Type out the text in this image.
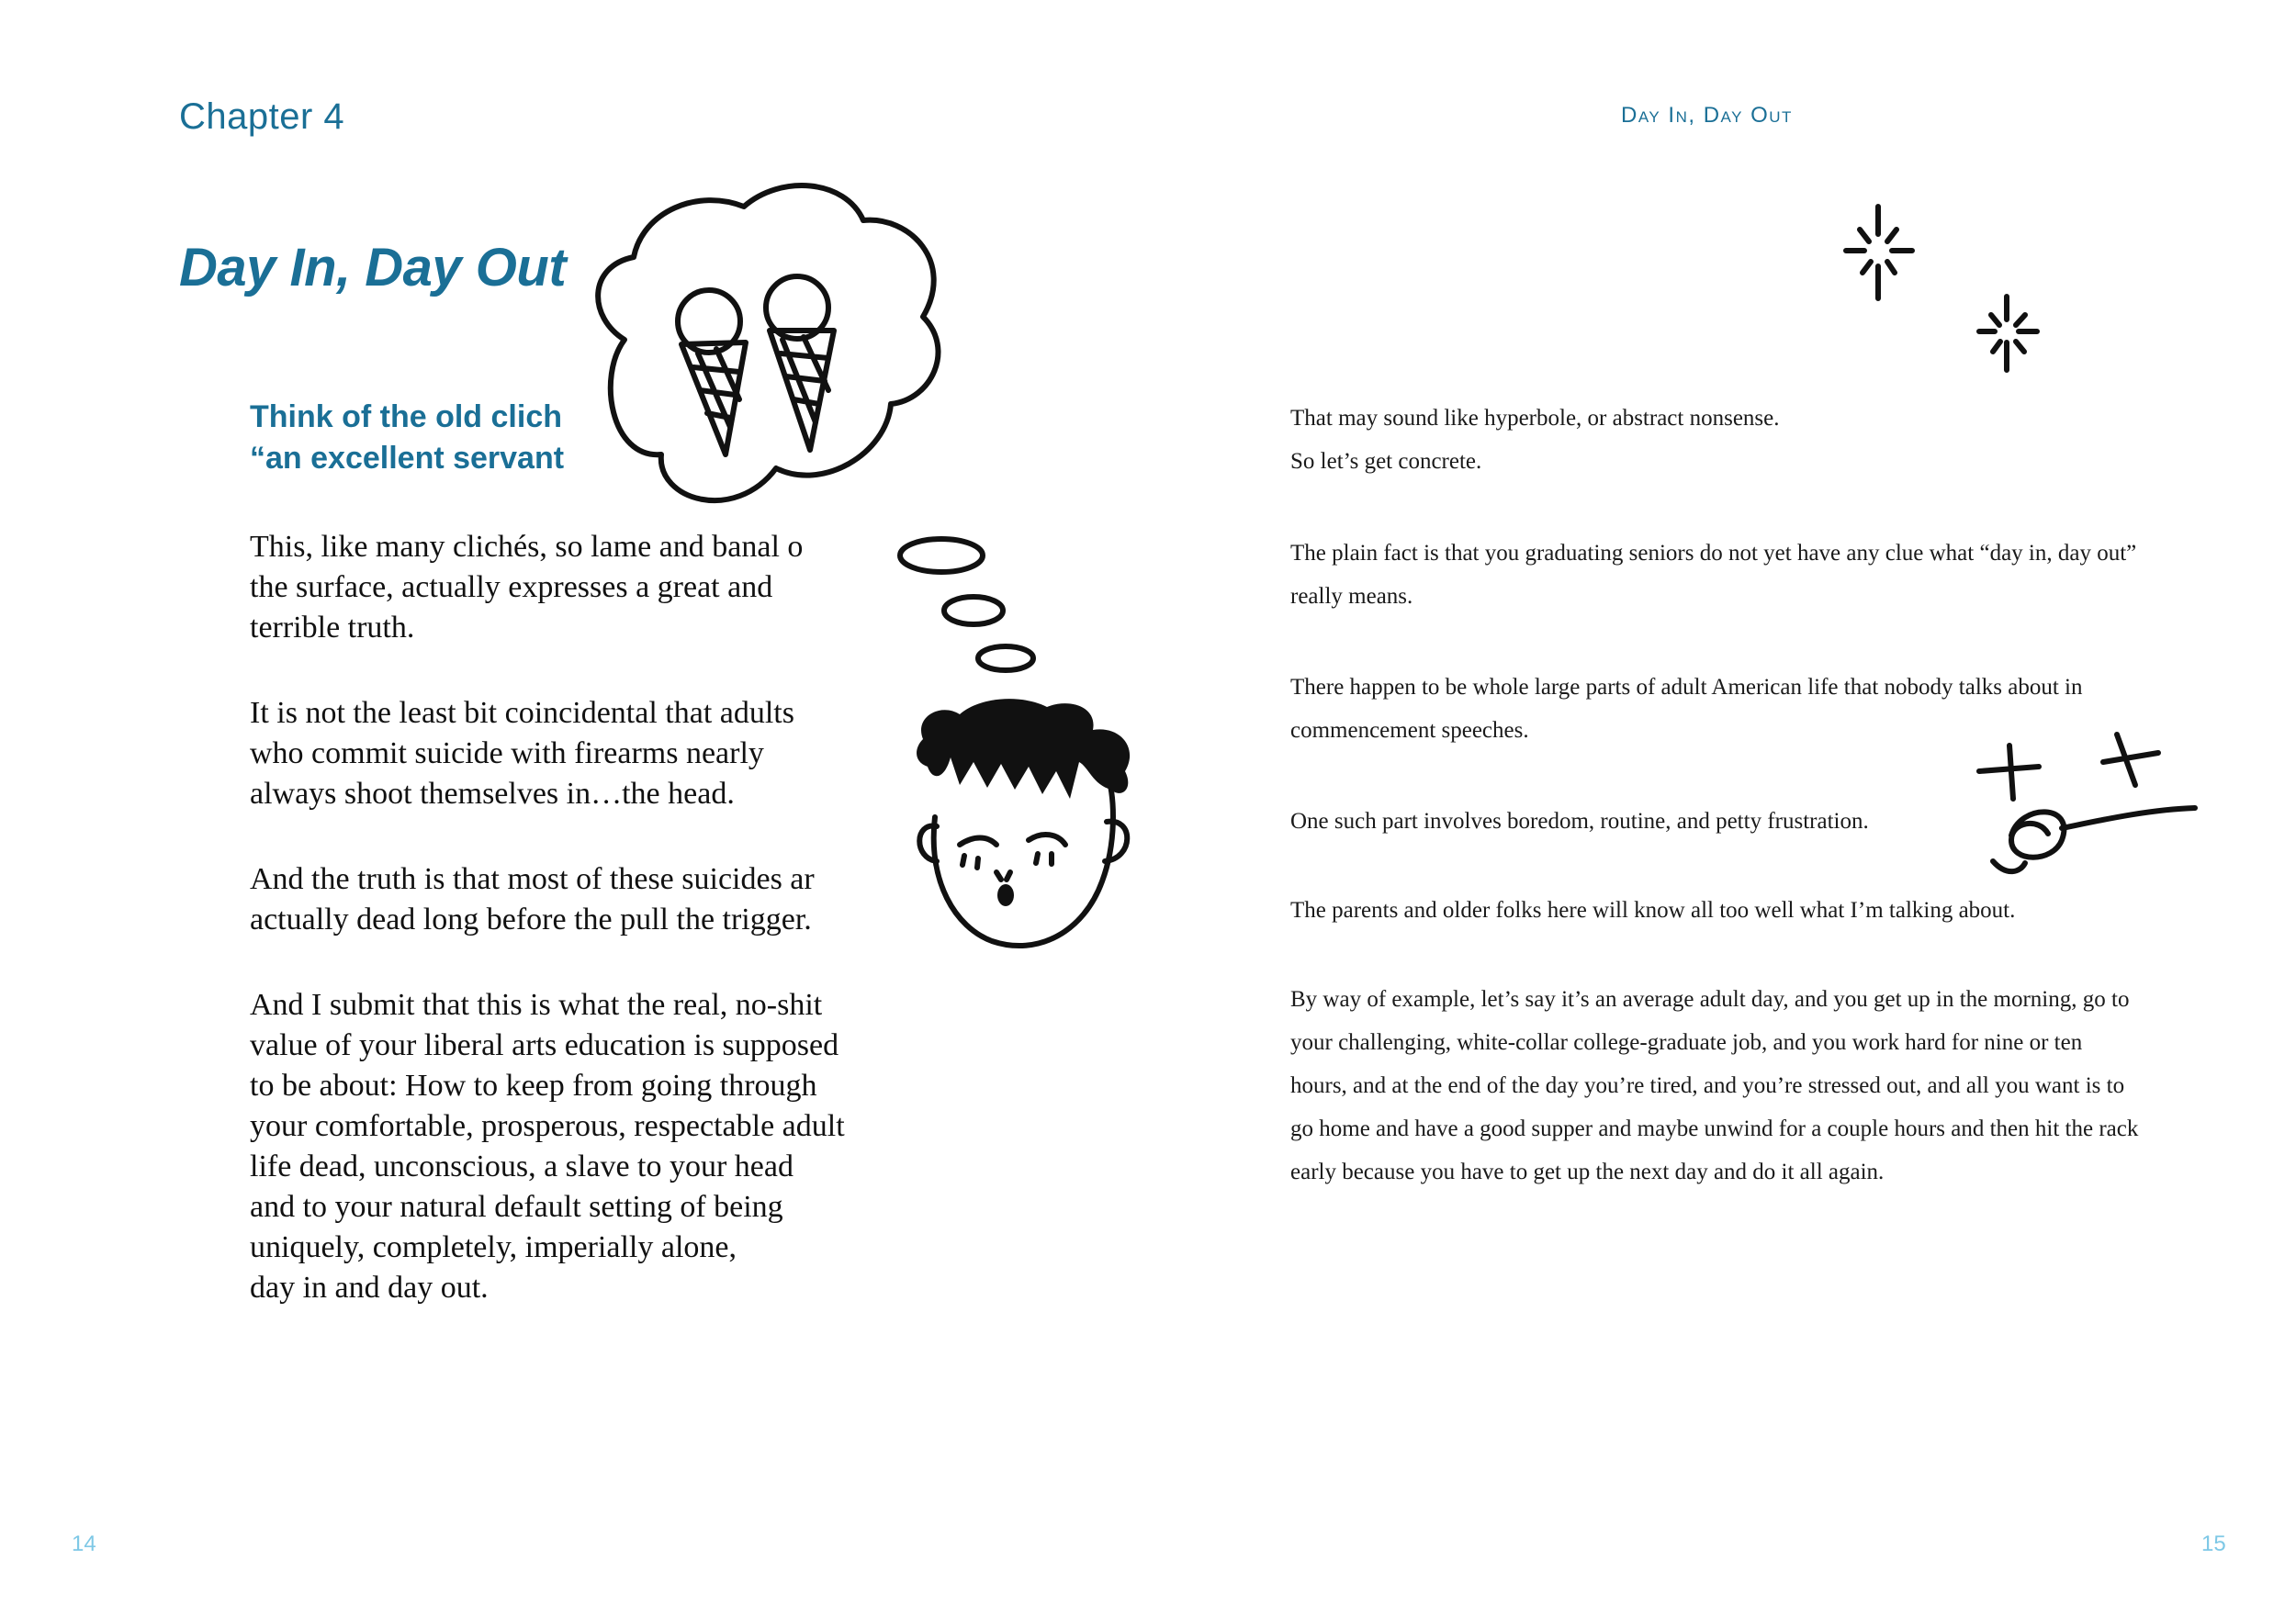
Chapter 4
Day In, Day Out
Think of the old clich
“an excellent servant
This, like many clichés, so lame and banal o
the surface, actually expresses a great and
terrible truth.
It is not the least bit coincidental that adults
who commit suicide with firearms nearly
always shoot themselves in…the head.
And the truth is that most of these suicides ar
actually dead long before the pull the trigger.
And I submit that this is what the real, no-shit
value of your liberal arts education is supposed
to be about: How to keep from going through
your comfortable, prosperous, respectable adult
life dead, unconscious, a slave to your head
and to your natural default setting of being
uniquely, completely, imperially alone,
day in and day out.
14
Day In, Day Out

That may sound like hyperbole, or abstract nonsense.
So let’s get concrete.

The plain fact is that you graduating seniors do not yet have any clue what “day in, day out” really means.

There happen to be whole large parts of adult American life that nobody talks about in commencement speeches.

One such part involves boredom, routine, and petty frustration.

The parents and older folks here will know all too well what I’m talking about.

By way of example, let’s say it’s an average adult day, and you get up in the morning, go to your challenging, white-collar college-graduate job, and you work hard for nine or ten hours, and at the end of the day you’re tired, and you’re stressed out, and all you want is to go home and have a good supper and maybe unwind for a couple hours and then hit the rack early because you have to get up the next day and do it all again.

15
